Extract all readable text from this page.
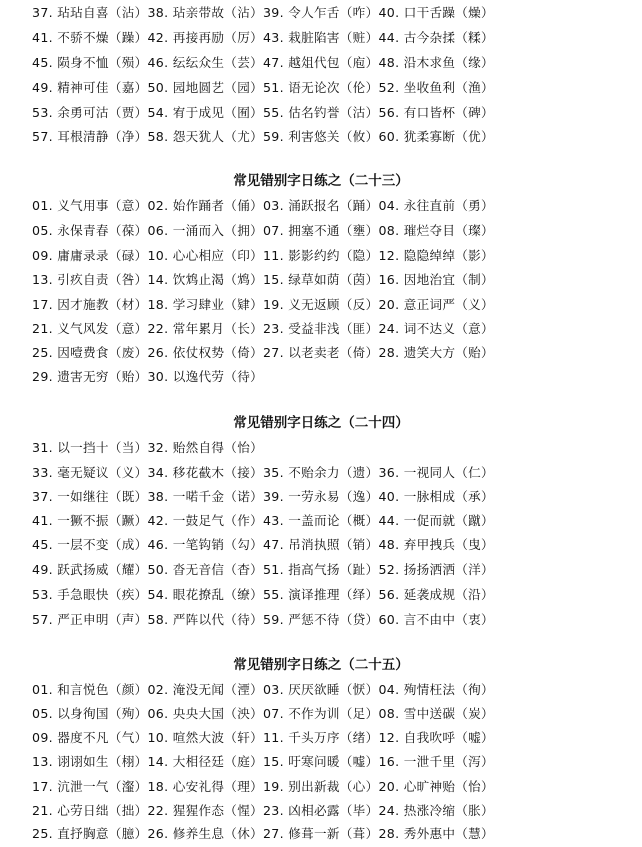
37. 玷玷自喜（沾）38. 玷亲带故（沾）39. 令人乍舌（咋）40. 口干舌躁（燥）
41. 不骄不燥（躁）42. 再接再励（厉）43. 栽脏陷害（赃）44. 古今杂揉（糅）
45. 陨身不恤（殒）46. 纭纭众生（芸）47. 越俎代包（庖）48. 沿木求鱼（缘）
49. 精神可佳（嘉）50. 园地圆艺（园）51. 语无论次（伦）52. 坐收鱼利（渔）
53. 余勇可沽（贾）54. 宥于成见（囿）55. 估名钓誉（沽）56. 有口皆杯（碑）
57. 耳根清静（净）58. 怨天犹人（尤）59. 利害悠关（攸）60. 犹柔寡断（优）
常见错别字日练之（二十三）
01. 义气用事（意）02. 始作踊者（俑）03. 涌跃报名（踊）04. 永往直前（勇）
05. 永保青春（葆）06. 一涌而入（拥）07. 拥塞不通（壅）08. 璀烂夺目（璨）
09. 庸庸录录（碌）10. 心心相应（印）11. 影影约约（隐）12. 隐隐绰绰（影）
13. 引疚自责（咎）14. 饮鸩止渴（鸩）15. 绿草如荫（茵）16. 因地治宜（制）
17. 因才施教（材）18. 学习肆业（肄）19. 义无返顾（反）20. 意正词严（义）
21. 义气风发（意）22. 常年累月（长）23. 受益非浅（匪）24. 词不达义（意）
25. 因噎费食（废）26. 依仗权势（倚）27. 以老卖老（倚）28. 遗笑大方（贻）
29. 遗害无穷（贻）30. 以逸代劳（待）
常见错别字日练之（二十四）
31. 以一挡十（当）32. 贻然自得（怡）
33. 毫无疑议（义）34. 移花截木（接）35. 不贻余力（遗）36. 一视同人（仁）
37. 一如继往（既）38. 一喏千金（诺）39. 一劳永易（逸）40. 一脉相成（承）
41. 一獗不振（蹶）42. 一鼓足气（作）43. 一盖而论（概）44. 一促而就（蹴）
45. 一层不变（成）46. 一笔钩销（勾）47. 吊消执照（销）48. 弃甲拽兵（曳）
49. 跃武扬威（耀）50. 沓无音信（杳）51. 指高气扬（趾）52. 扬扬洒洒（洋）
53. 手急眼快（疾）54. 眼花撩乱（缭）55. 演译推理（绎）56. 延袭成规（沿）
57. 严正申明（声）58. 严阵以代（待）59. 严惩不待（贷）60. 言不由中（衷）
常见错别字日练之（二十五）
01. 和言悦色（颜）02. 淹没无闻（湮）03. 厌厌欲睡（恹）04. 殉情枉法（徇）
05. 以身徇国（殉）06. 央央大国（泱）07. 不作为训（足）08. 雪中送碳（炭）
09. 器度不凡（气）10. 喧然大波（轩）11. 千头万序（绪）12. 自我吹呼（嘘）
13. 诩诩如生（栩）14. 大相径廷（庭）15. 吁寒问暖（嘘）16. 一泄千里（泻）
17. 沆泄一气（瀣）18. 心安礼得（理）19. 别出新裁（心）20. 心旷神贻（怡）
21. 心劳日绌（拙）22. 猩猩作态（惺）23. 凶相必露（毕）24. 热涨冷缩（胀）
25. 直抒胸意（臆）26. 修养生息（休）27. 修葺一新（葺）28. 秀外惠中（慧）
